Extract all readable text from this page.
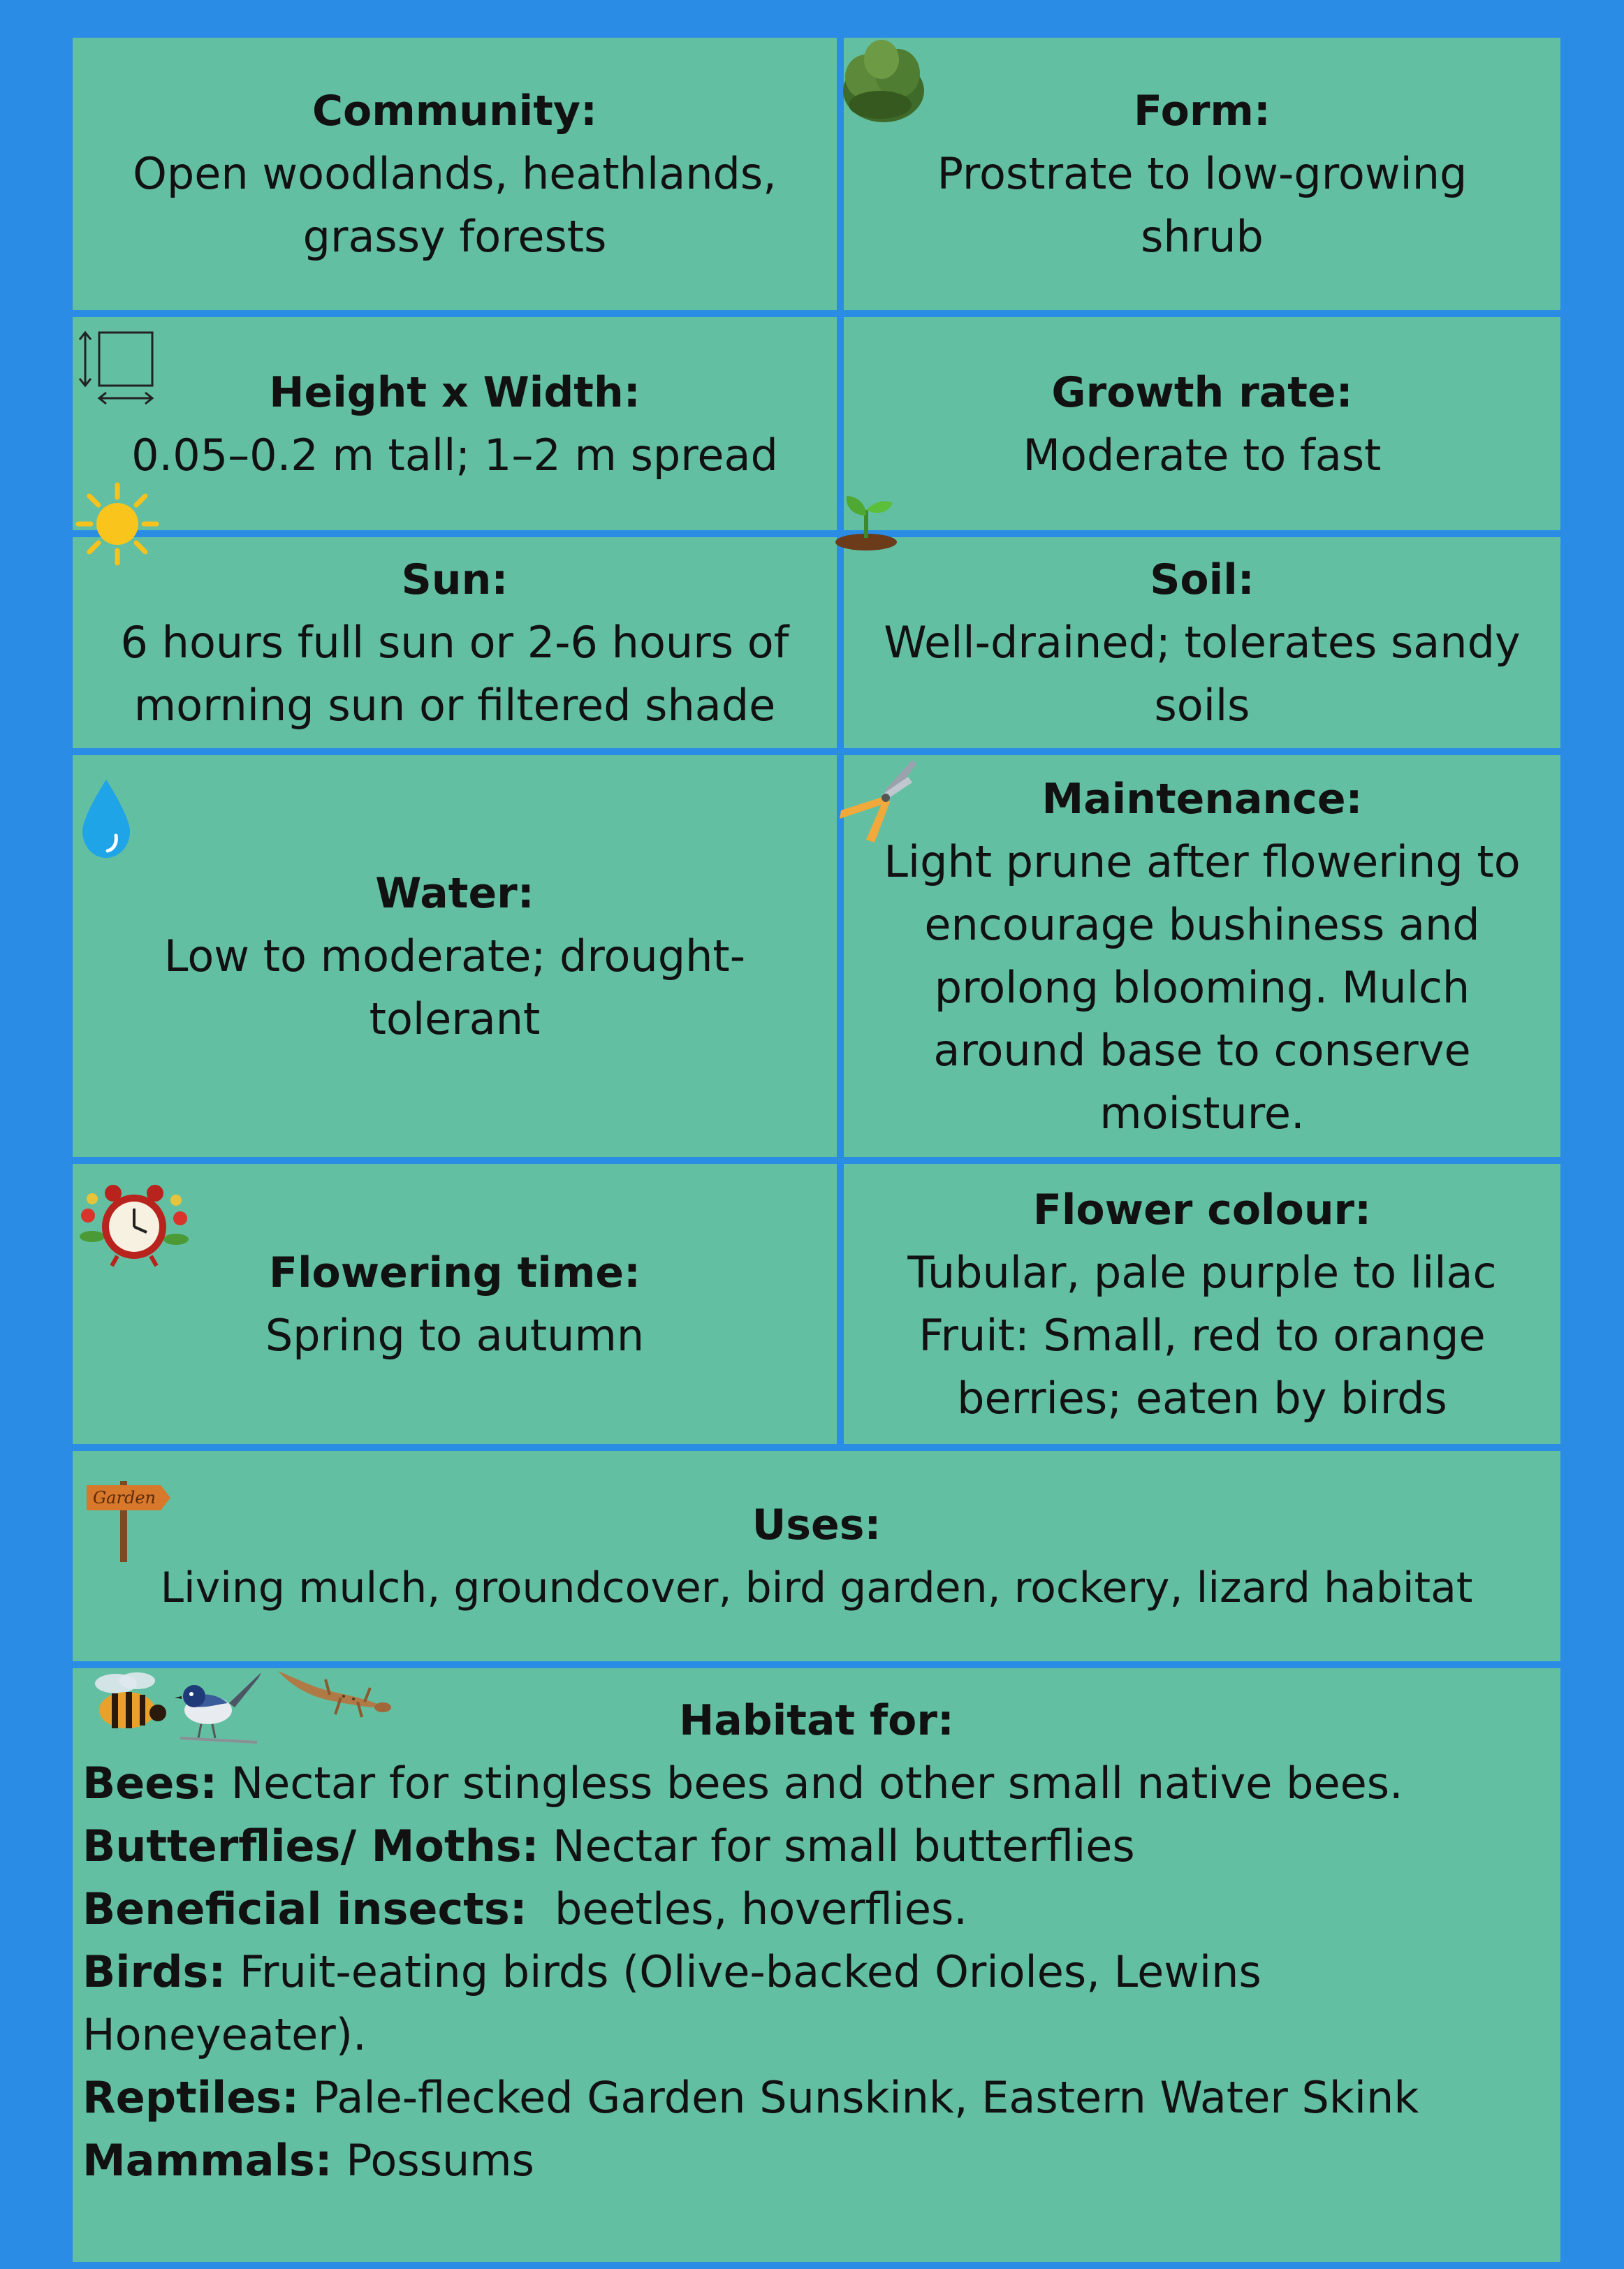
Community:
Open woodlands, heathlands, grassy forests
Form:
Prostrate to low-growing shrub
Height x Width:
0.05–0.2 m tall; 1–2 m spread
Growth rate:
Moderate to fast
Sun:
6 hours full sun or 2-6 hours of morning sun or filtered shade
Soil:
Well-drained; tolerates sandy soils
Water:
Low to moderate; drought-tolerant
Maintenance:
Light prune after flowering to encourage bushiness and prolong blooming. Mulch around base to conserve moisture.
Flowering time:
Spring to autumn
Flower colour:
Tubular, pale purple to lilac
Fruit: Small, red to orange berries; eaten by birds
Uses:
Living mulch, groundcover, bird garden, rockery, lizard habitat
Habitat for:
Bees: Nectar for stingless bees and other small native bees.
Butterflies/ Moths: Nectar for small butterflies
Beneficial insects:  beetles, hoverflies.
Birds: Fruit-eating birds (Olive-backed Orioles, Lewins Honeyeater).
Reptiles: Pale-flecked Garden Sunskink, Eastern Water Skink
Mammals: Possums
Garden
